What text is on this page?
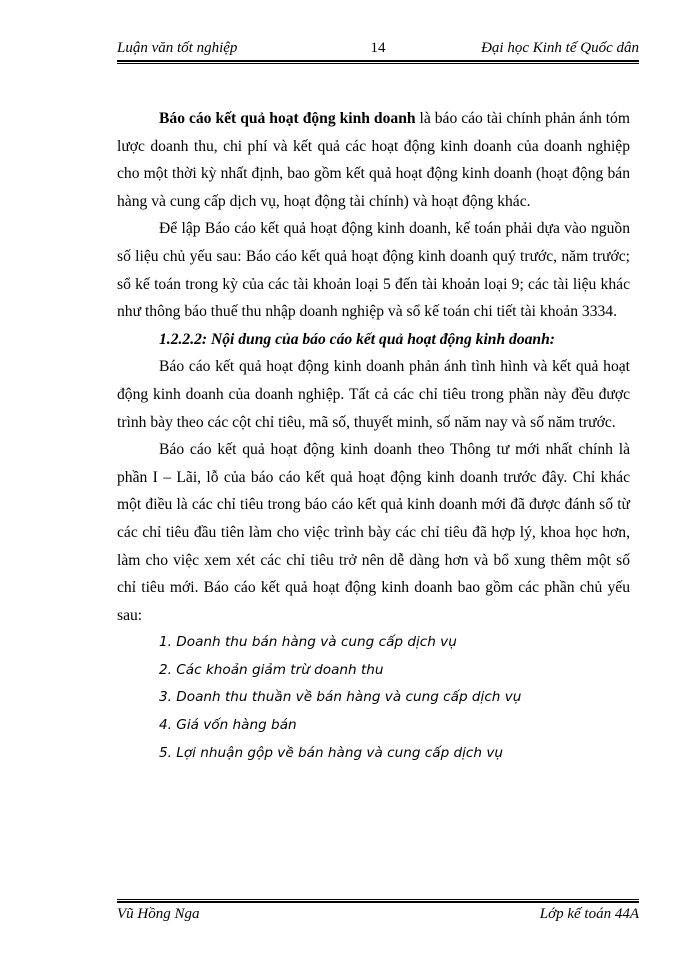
Luận văn tốt nghiệp	14	Đại học Kinh tế Quốc dân

Báo cáo kết quả hoạt động kinh doanh là báo cáo tài chính phản ánh tóm lược doanh thu, chi phí và kết quả các hoạt động kinh doanh của doanh nghiệp cho một thời kỳ nhất định, bao gồm kết quả hoạt động kinh doanh (hoạt động bán hàng và cung cấp dịch vụ, hoạt động tài chính) và hoạt động khác.

Để lập Báo cáo kết quả hoạt động kinh doanh, kế toán phải dựa vào nguồn số liệu chủ yếu sau: Báo cáo kết quả hoạt động kinh doanh quý trước, năm trước; sổ kế toán trong kỳ của các tài khoản loại 5 đến tài khoản loại 9; các tài liệu khác như thông báo thuế thu nhập doanh nghiệp và sổ kế toán chi tiết tài khoản 3334.

1.2.2.2: Nội dung của báo cáo kết quả hoạt động kinh doanh:

Báo cáo kết quả hoạt động kinh doanh phản ánh tình hình và kết quả hoạt động kinh doanh của doanh nghiệp. Tất cả các chỉ tiêu trong phần này đều được trình bày theo các cột chỉ tiêu, mã số, thuyết minh, số năm nay và số năm trước.

Báo cáo kết quả hoạt động kinh doanh theo Thông tư mới nhất chính là phần I – Lãi, lỗ của báo cáo kết quả hoạt động kinh doanh trước đây. Chỉ khác một điều là các chỉ tiêu trong báo cáo kết quả kinh doanh mới đã được đánh số từ các chỉ tiêu đầu tiên làm cho việc trình bày các chỉ tiêu đã hợp lý, khoa học hơn, làm cho việc xem xét các chỉ tiêu trở nên dễ dàng hơn và bổ xung thêm một số chỉ tiêu mới. Báo cáo kết quả hoạt động kinh doanh bao gồm các phần chủ yếu sau:

1. Doanh thu bán hàng và cung cấp dịch vụ
2. Các khoản giảm trừ doanh thu
3. Doanh thu thuần về bán hàng và cung cấp dịch vụ
4. Giá vốn hàng bán
5. Lợi nhuận gộp về bán hàng và cung cấp dịch vụ
Vũ Hồng Nga	Lớp kế toán 44A
